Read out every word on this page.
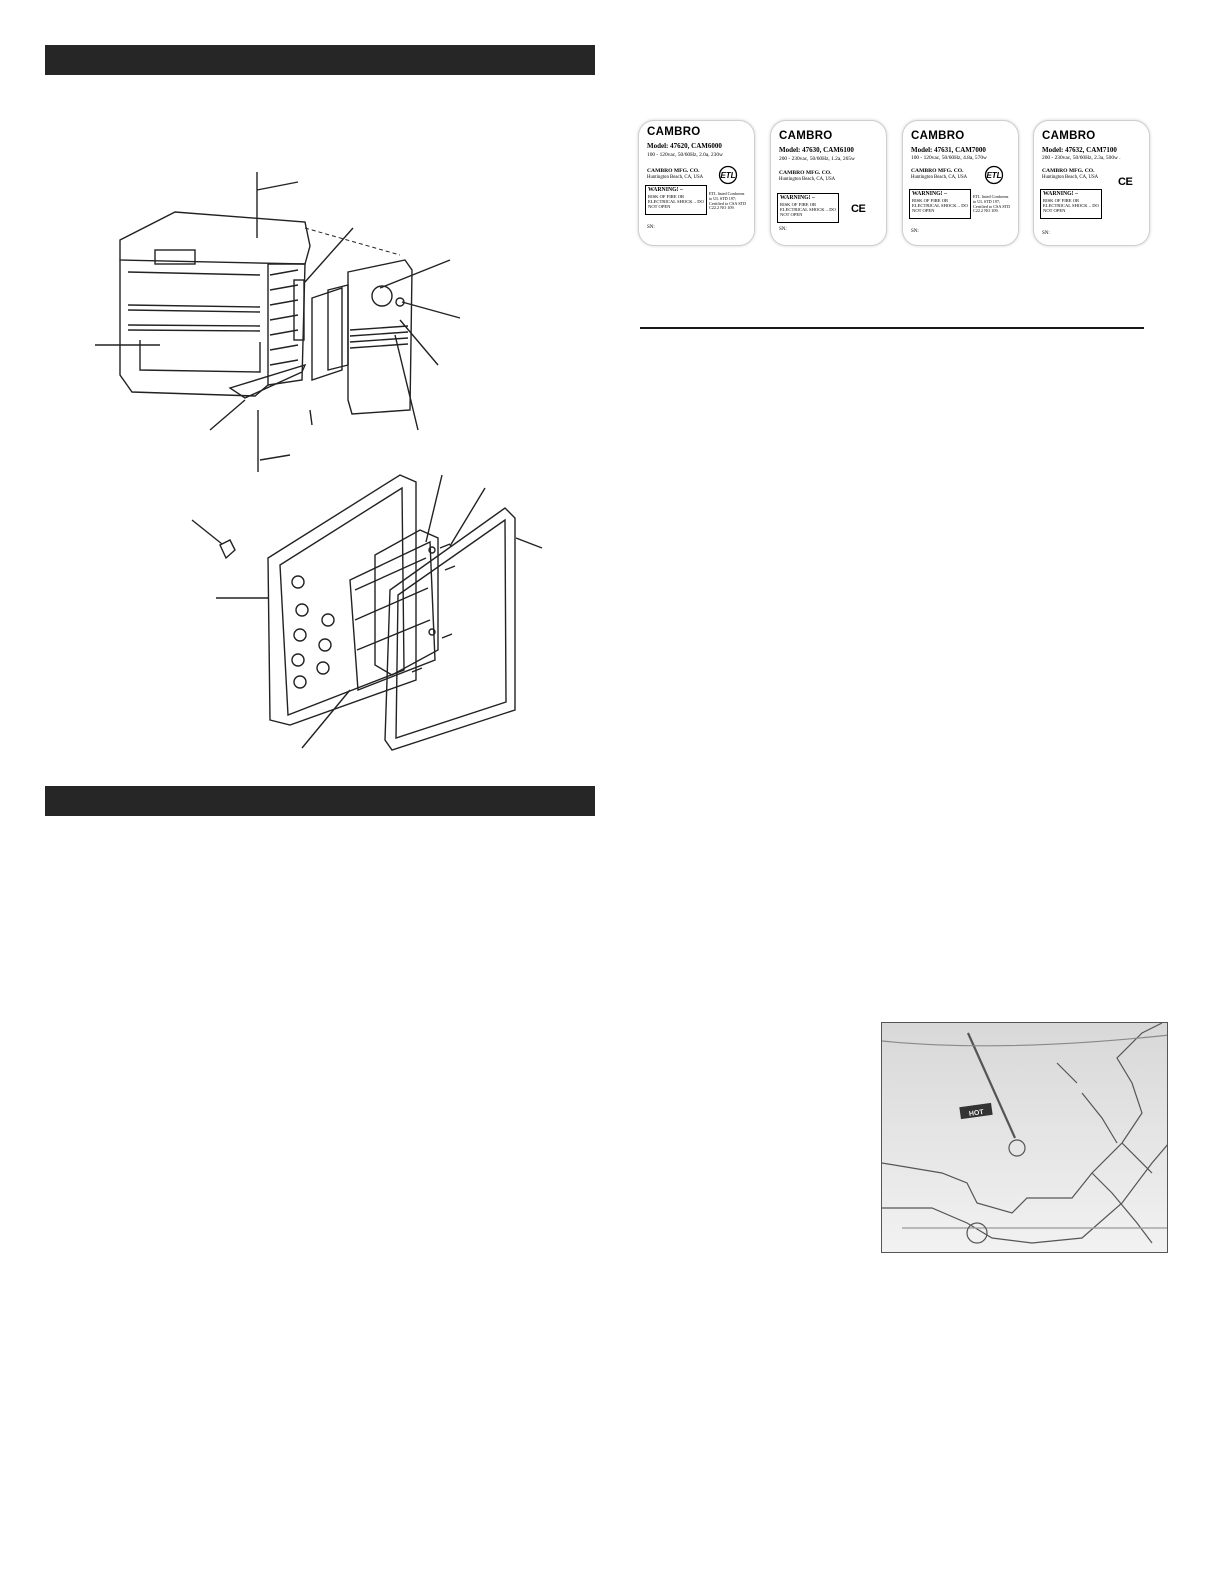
CAMBRO
Model: 47620, CAM6000
100 - 120vac, 50/60Hz, 2.0a, 230w
CAMBRO MFG. CO.
Huntington Beach, CA, USA ETL
WARNING! –
RISK OF FIRE OR ELECTRICAL SHOCK – DO NOT OPEN
ETL listed Conforms to UL STD 197; Certified to CSA STD C22.2 NO 109.
SN:
CAMBRO
Model: 47630, CAM6100
200 - 230vac, 50/60Hz, 1.2a, 265w
CAMBRO MFG. CO.
Huntington Beach, CA, USA
WARNING! –
RISK OF FIRE OR ELECTRICAL SHOCK – DO NOT OPEN	CE
SN:
CAMBRO
Model: 47631, CAM7000
100 - 120vac, 50/60Hz, 4.8a, 570w
CAMBRO MFG. CO.
Huntington Beach, CA, USA ETL
WARNING! –
RISK OF FIRE OR ELECTRICAL SHOCK – DO NOT OPEN
ETL listed Conforms to UL STD 197; Certified to CSA STD C22.2 NO 109.
SN:
CAMBRO
Model: 47632, CAM7100
200 - 230vac, 50/60Hz, 2.3a, 500w .
CAMBRO MFG. CO.
Huntington Beach, CA, USA CE
WARNING! –
RISK OF FIRE OR ELECTRICAL SHOCK – DO NOT OPEN
SN:
HOT
